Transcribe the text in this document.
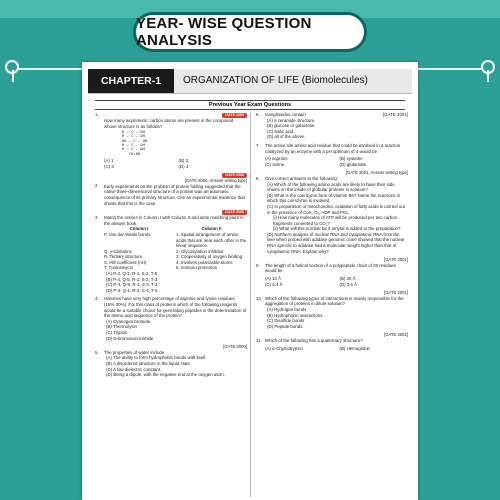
YEAR- WISE QUESTION ANALYSIS
CHAPTER-1	ORGANIZATION OF LIFE (Biomolecules)
Previous Year Exam Questions
1.	GATE 2000
How many asymmetric carbon atoms are present in the compound whose structure is as follows?
H — C — OH
H — C — OH
HO — C — OH
H — C — OH
H — C — OH
CH₂OH
(A) 1	(B) 2
(C) 3	(D) 4
GATE 2000
[GATE 2000, Answer writing type]
2. Early experiments on the problem of protein folding suggested that the native three-dimensional structure of a protein was an automatic consequence of its primary structure. Cite an experimental evidence that shows that this is the case.
GATE 2000
3. Match the entries in Column I with Column II and write matching pairs in the answer book.
Column I	Column II
P. Van der Waals bonds	1. Spatial arrangement of amino acids that are near each other in the linear sequence
Q. γ-Globulins	2. Glycosylation inhibitor
R. Tertiary structure	3. Cooperativity of oxygen binding
S. Hill-coefficient (nH)	4. Involves polarizable atoms
T. Tunicamycin	5. Immuno protection
(A) P-3, Q-1, R-4, S-2, T-5
(B) P-4, Q-5, R-1, S-2, T-3
(C) P-4, Q-5, R-1, S-3, T-2
(D) P-3, Q-1, R-2, S-4, T-5
4. Histones have very high percentage of arginine and lysine residues (15%-30%). For this class of proteins which of the following reagents would be a suitable choice for generating peptides in the determination of the amino acid sequence of the protein?
(A) Cyanogen bromide
(B) Thermolysin
(C) Trypsin
(D) N-bromosuccinimide
[GATE 2000]
5. The properties of water include
(A) The ability to form hydrophobic bonds with itself.
(B) A disordered structure in the liquid state.
(C) A low dielectric constant.
(D) Being a dipole, with the negative end at the oxygen atom.
6. Gangliosides contain	[GATE 2001]
(A) a ceramide structure.
(B) glucose or galactose.
(C) sialic acid.
(D) all of the above.
7. The active site amino acid residue that could be involved in a reaction catalyzed by an enzyme with a pH optimum of 4 would be
(A) arginine	(B) cysteine
(C) serine	(D) glutamate
[GATE 2001, Answer writing type]
8. Give correct answers to the following:
(A) Which of the following amino acids are likely to have their side chains on the inside of globular proteins in solution?
(B) What is the coenzyme form of vitamin B6? Name the reactions in which this coenzyme is involved.
(C) In preparation of mitochondria, oxidation of fatty acids is carried out in the presence of CoA, O₂, ADP and PO₄.
(i) How many molecules of ATP will be produced per two carbon fragments converted to CO₂?
(ii) What will this number be if amytal is added to the preparation?
(D) Northern analysis of nuclear RNA and cytoplasmic RNA from the liver when probed with adidase genomic clone showed that the nuclear RNA specific to adidase had a molecular weight higher than that of cytoplasmic RNA. Explain why?
[GATE 2001]
9. The length of a helical section of a polypeptide chain of 20 residues would be
(A) 10 Å	(B) 20 Å
(C) 5.4 Å	(D) 3.6 Å
[GATE 2001]
10. Which of the following types of interactions is mainly responsible for the aggregation of proteins in dilute solution?
(A) Hydrogen bonds
(B) Hydrophobic interactions
(C) Disulfide bonds
(D) Peptide bonds
[GATE 2002]
11. Which of the following has a quaternary structure?
(A) α-Chymotrypsin	(B) Hemoglobin
